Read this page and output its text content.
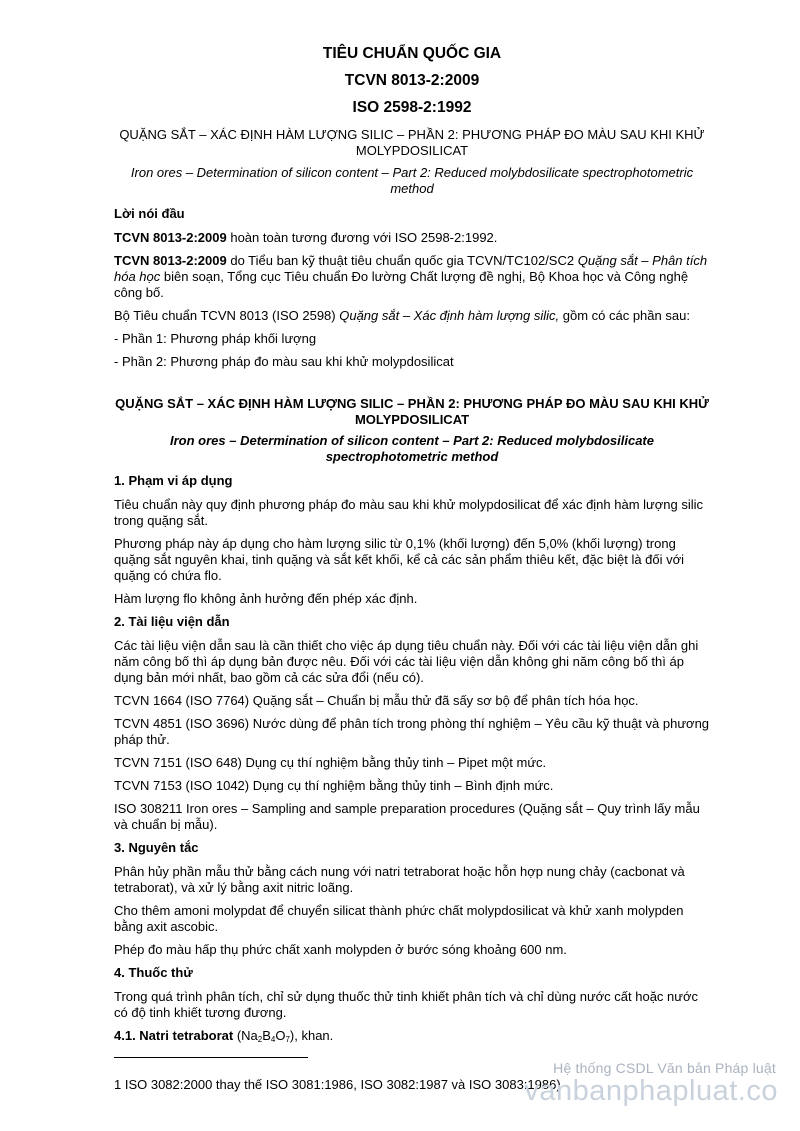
TIÊU CHUẨN QUỐC GIA
TCVN 8013-2:2009
ISO 2598-2:1992
QUẶNG SẮT – XÁC ĐỊNH HÀM LƯỢNG SILIC – PHẦN 2: PHƯƠNG PHÁP ĐO MÀU SAU KHI KHỬ MOLYPDOSILICAT
Iron ores – Determination of silicon content – Part 2: Reduced molybdosilicate spectrophotometric method
Lời nói đầu

TCVN 8013-2:2009 hoàn toàn tương đương với ISO 2598-2:1992.

TCVN 8013-2:2009 do Tiểu ban kỹ thuật tiêu chuẩn quốc gia TCVN/TC102/SC2 Quặng sắt – Phân tích hóa học biên soạn, Tổng cục Tiêu chuẩn Đo lường Chất lượng đề nghị, Bộ Khoa học và Công nghệ công bố.

Bộ Tiêu chuẩn TCVN 8013 (ISO 2598) Quặng sắt – Xác định hàm lượng silic, gồm có các phần sau:

- Phần 1: Phương pháp khối lượng

- Phần 2: Phương pháp đo màu sau khi khử molypdosilicat

QUẶNG SẮT – XÁC ĐỊNH HÀM LƯỢNG SILIC – PHẦN 2: PHƯƠNG PHÁP ĐO MÀU SAU KHI KHỬ MOLYPDOSILICAT
Iron ores – Determination of silicon content – Part 2: Reduced molybdosilicate spectrophotometric method
1. Phạm vi áp dụng

Tiêu chuẩn này quy định phương pháp đo màu sau khi khử molypdosilicat để xác định hàm lượng silic trong quặng sắt.

Phương pháp này áp dụng cho hàm lượng silic từ 0,1% (khối lượng) đến 5,0% (khối lượng) trong quặng sắt nguyên khai, tinh quặng và sắt kết khối, kể cả các sản phẩm thiêu kết, đặc biệt là đối với quặng có chứa flo.

Hàm lượng flo không ảnh hưởng đến phép xác định.

2. Tài liệu viện dẫn

Các tài liệu viện dẫn sau là cần thiết cho việc áp dụng tiêu chuẩn này. Đối với các tài liệu viện dẫn ghi năm công bố thì áp dụng bản được nêu. Đối với các tài liệu viện dẫn không ghi năm công bố thì áp dụng bản mới nhất, bao gồm cả các sửa đổi (nếu có).

TCVN 1664 (ISO 7764) Quặng sắt – Chuẩn bị mẫu thử đã sấy sơ bộ để phân tích hóa học.

TCVN 4851 (ISO 3696) Nước dùng để phân tích trong phòng thí nghiệm – Yêu cầu kỹ thuật và phương pháp thử.

TCVN 7151 (ISO 648) Dụng cụ thí nghiệm bằng thủy tinh – Pipet một mức.

TCVN 7153 (ISO 1042) Dụng cụ thí nghiệm bằng thủy tinh – Bình định mức.

ISO 308211 Iron ores – Sampling and sample preparation procedures (Quặng sắt – Quy trình lấy mẫu và chuẩn bị mẫu).

3. Nguyên tắc

Phân hủy phần mẫu thử bằng cách nung với natri tetraborat hoặc hỗn hợp nung chảy (cacbonat và tetraborat), và xử lý bằng axit nitric loãng.

Cho thêm amoni molypdat để chuyển silicat thành phức chất molypdosilicat và khử xanh molypden bằng axit ascobic.

Phép đo màu hấp thụ phức chất xanh molypden ở bước sóng khoảng 600 nm.

4. Thuốc thử

Trong quá trình phân tích, chỉ sử dụng thuốc thử tinh khiết phân tích và chỉ dùng nước cất hoặc nước có độ tinh khiết tương đương.

4.1. Natri tetraborat $(Na_2B_4O_7)$, khan.

1 ISO 3082:2000 thay thế ISO 3081:1986, ISO 3082:1987 và ISO 3083:1986)
Hệ thống CSDL Văn bản Pháp luật
vanbanphapluat.co
